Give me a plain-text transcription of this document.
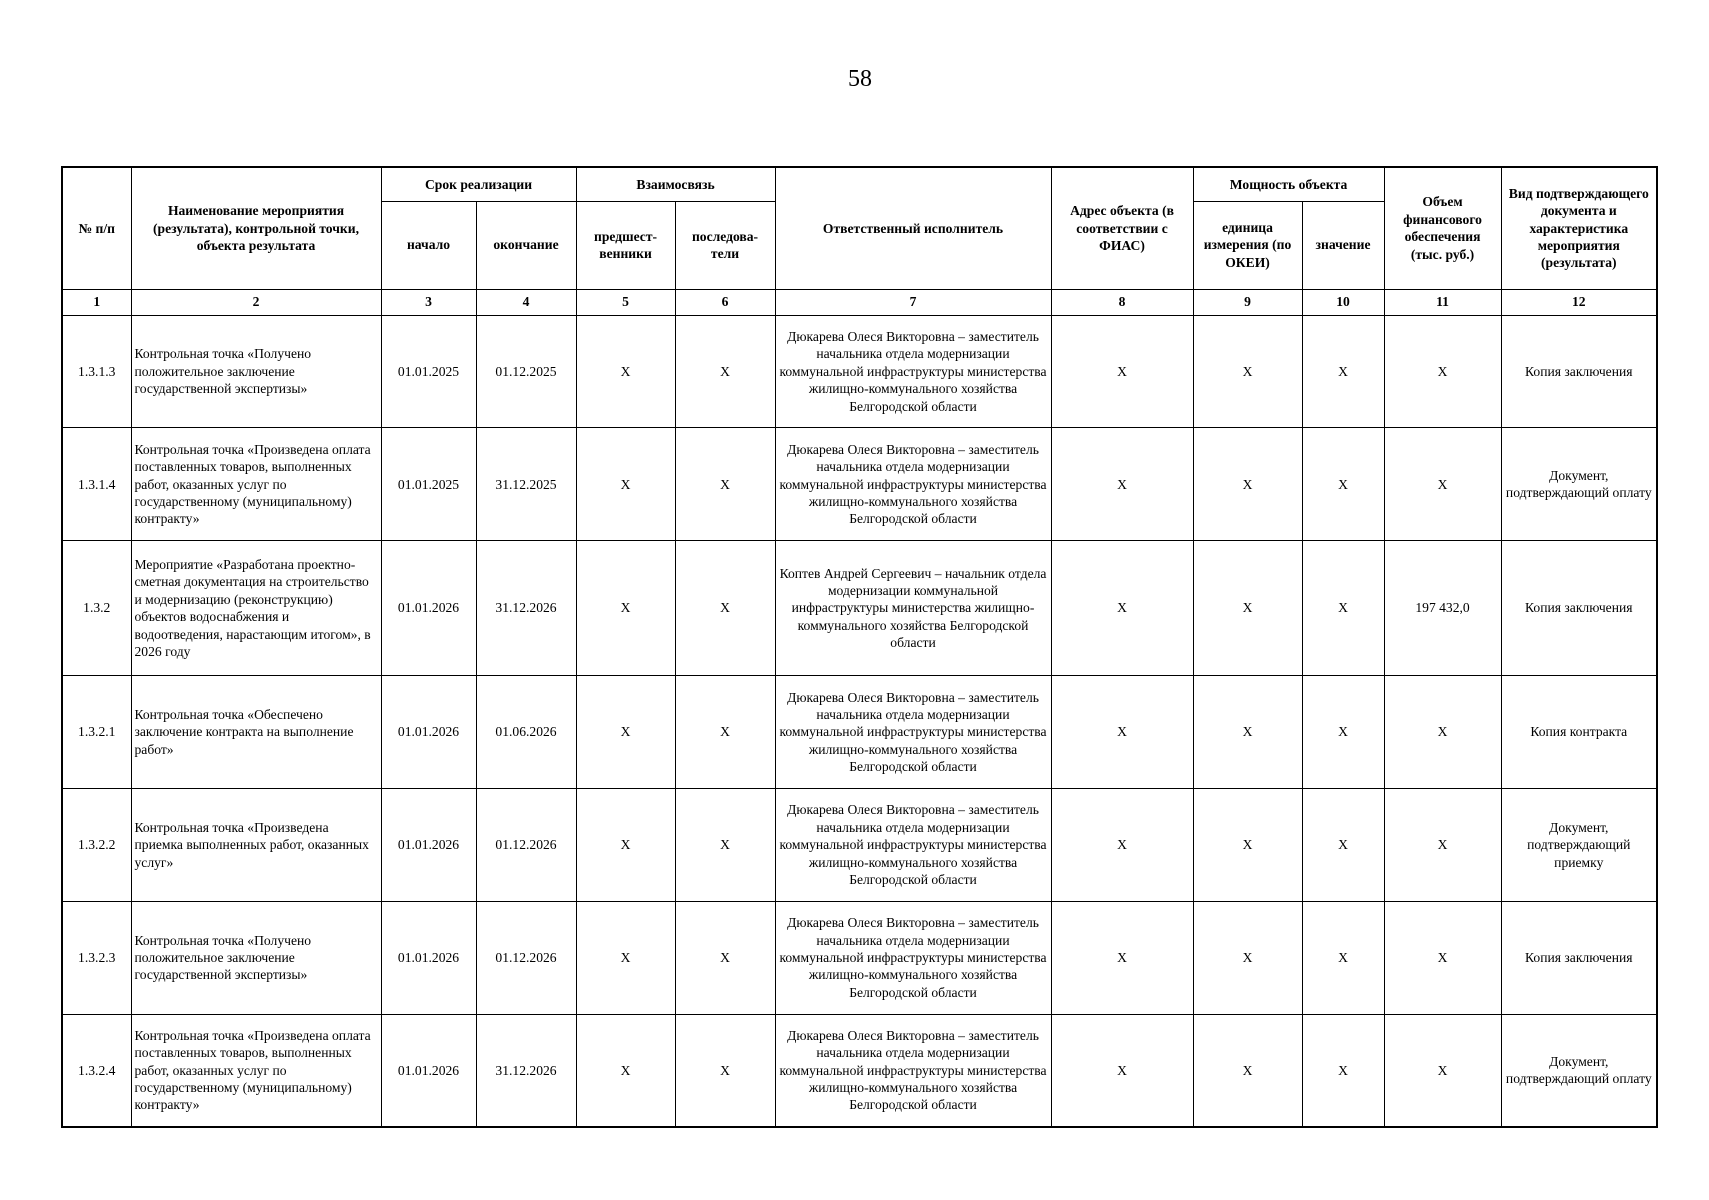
58
№ п/п	Наименование мероприятия (результата), контрольной точки, объекта результата	Срок реализации		Взаимосвязь		Ответственный исполнитель	Адрес объекта (в соответствии с ФИАС)	Мощность объекта		Объем финансового обеспечения (тыс. руб.)	Вид подтверждающего документа и характеристика мероприятия (результата)
		начало	окончание	предшест-венники	последова-тели			единица измерения (по ОКЕИ)	значение		
1	2	3	4	5	6	7	8	9	10	11	12
1.3.1.3	Контрольная точка «Получено положительное заключение государственной экспертизы»	01.01.2025	01.12.2025	X	X	Дюкарева Олеся Викторовна – заместитель начальника отдела модернизации коммунальной инфраструктуры министерства жилищно-коммунального хозяйства Белгородской области	X	X	X	X	Копия заключения
1.3.1.4	Контрольная точка «Произведена оплата поставленных товаров, выполненных работ, оказанных услуг по государственному (муниципальному) контракту»	01.01.2025	31.12.2025	X	X	Дюкарева Олеся Викторовна – заместитель начальника отдела модернизации коммунальной инфраструктуры министерства жилищно-коммунального хозяйства Белгородской области	X	X	X	X	Документ, подтверждающий оплату
1.3.2	Мероприятие «Разработана проектно-сметная документация на строительство и модернизацию (реконструкцию) объектов водоснабжения и водоотведения, нарастающим итогом», в 2026 году	01.01.2026	31.12.2026	X	X	Коптев Андрей Сергеевич – начальник отдела модернизации коммунальной инфраструктуры министерства жилищно-коммунального хозяйства Белгородской области	X	X	X	197 432,0	Копия заключения
1.3.2.1	Контрольная точка «Обеспечено заключение контракта на выполнение работ»	01.01.2026	01.06.2026	X	X	Дюкарева Олеся Викторовна – заместитель начальника отдела модернизации коммунальной инфраструктуры министерства жилищно-коммунального хозяйства Белгородской области	X	X	X	X	Копия контракта
1.3.2.2	Контрольная точка «Произведена приемка выполненных работ, оказанных услуг»	01.01.2026	01.12.2026	X	X	Дюкарева Олеся Викторовна – заместитель начальника отдела модернизации коммунальной инфраструктуры министерства жилищно-коммунального хозяйства Белгородской области	X	X	X	X	Документ, подтверждающий приемку
1.3.2.3	Контрольная точка «Получено положительное заключение государственной экспертизы»	01.01.2026	01.12.2026	X	X	Дюкарева Олеся Викторовна – заместитель начальника отдела модернизации коммунальной инфраструктуры министерства жилищно-коммунального хозяйства Белгородской области	X	X	X	X	Копия заключения
1.3.2.4	Контрольная точка «Произведена оплата поставленных товаров, выполненных работ, оказанных услуг по государственному (муниципальному) контракту»	01.01.2026	31.12.2026	X	X	Дюкарева Олеся Викторовна – заместитель начальника отдела модернизации коммунальной инфраструктуры министерства жилищно-коммунального хозяйства Белгородской области	X	X	X	X	Документ, подтверждающий оплату
